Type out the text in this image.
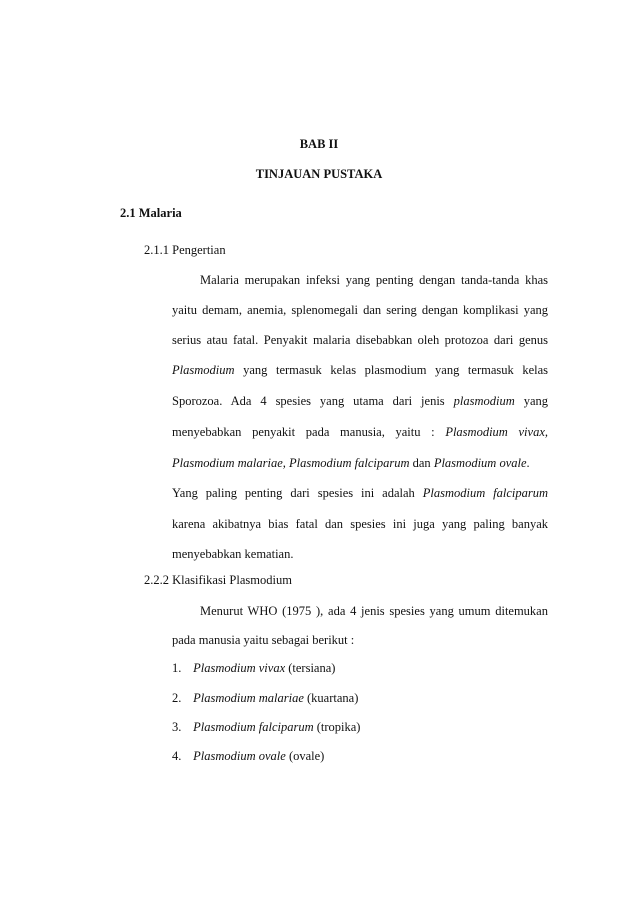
BAB II
TINJAUAN PUSTAKA
2.1 Malaria
2.1.1 Pengertian
Malaria merupakan infeksi yang penting dengan tanda-tanda khas
yaitu demam, anemia, splenomegali dan sering dengan komplikasi yang
serius atau fatal. Penyakit malaria disebabkan oleh protozoa dari genus
Plasmodium yang termasuk kelas plasmodium yang termasuk kelas
Sporozoa. Ada 4 spesies yang utama dari jenis plasmodium yang
menyebabkan penyakit pada manusia, yaitu : Plasmodium vivax,
Plasmodium malariae, Plasmodium falciparum dan Plasmodium ovale.
Yang paling penting dari spesies ini adalah Plasmodium falciparum
karena akibatnya bias fatal dan spesies ini juga yang paling banyak
menyebabkan kematian.
2.2.2 Klasifikasi Plasmodium
Menurut WHO (1975 ), ada 4 jenis spesies yang umum ditemukan
pada manusia yaitu sebagai berikut :
1. Plasmodium vivax (tersiana)
2. Plasmodium malariae (kuartana)
3. Plasmodium falciparum (tropika)
4. Plasmodium ovale (ovale)
